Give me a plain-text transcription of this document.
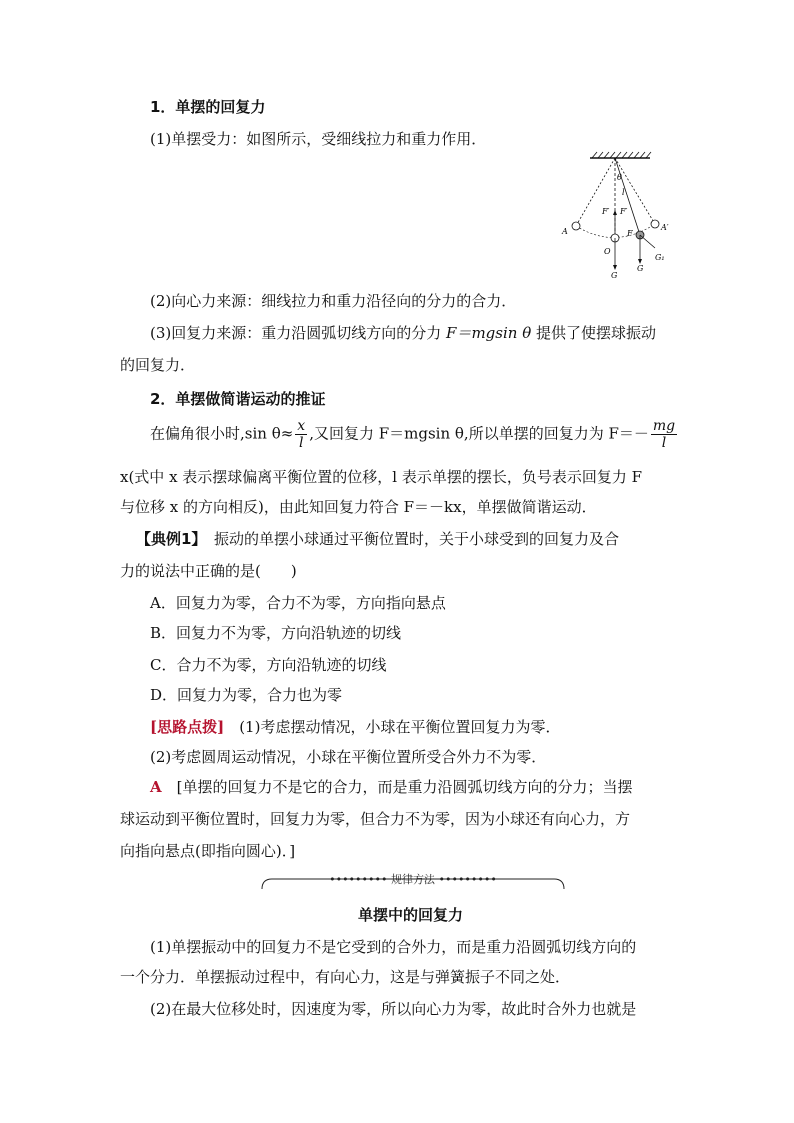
1．单摆的回复力
(1)单摆受力：如图所示，受细线拉力和重力作用．
θ
l
F′ F′
A	A′
O
F
G
G
G₁
(2)向心力来源：细线拉力和重力沿径向的分力的合力．
(3)回复力来源：重力沿圆弧切线方向的分力 F＝mgsin θ 提供了使摆球振动
的回复力．
2．单摆做简谐运动的推证
在偏角很小时,sin $\theta\approx \frac{x}{l}$ ,又回复力 F＝mgsin θ,所以单摆的回复力为 $F=- \frac{mg}{l}$
x(式中 x 表示摆球偏离平衡位置的位移，l 表示单摆的摆长，负号表示回复力 F
与位移 x 的方向相反)，由此知回复力符合 F＝－kx，单摆做简谐运动．
【典例1】　振动的单摆小球通过平衡位置时，关于小球受到的回复力及合
力的说法中正确的是(　　)
A．回复力为零，合力不为零，方向指向悬点
B．回复力不为零，方向沿轨迹的切线
C．合力不为零，方向沿轨迹的切线
D．回复力为零，合力也为零
[思路点拨]　(1)考虑摆动情况，小球在平衡位置回复力为零．
(2)考虑圆周运动情况，小球在平衡位置所受合外力不为零．
A　[单摆的回复力不是它的合力，而是重力沿圆弧切线方向的分力；当摆
球运动到平衡位置时，回复力为零，但合力不为零，因为小球还有向心力，方
向指向悬点(即指向圆心)．]
••••••••• 规律方法 •••••••••
单摆中的回复力
(1)单摆振动中的回复力不是它受到的合外力，而是重力沿圆弧切线方向的
一个分力．单摆振动过程中，有向心力，这是与弹簧振子不同之处．
(2)在最大位移处时，因速度为零，所以向心力为零，故此时合外力也就是
